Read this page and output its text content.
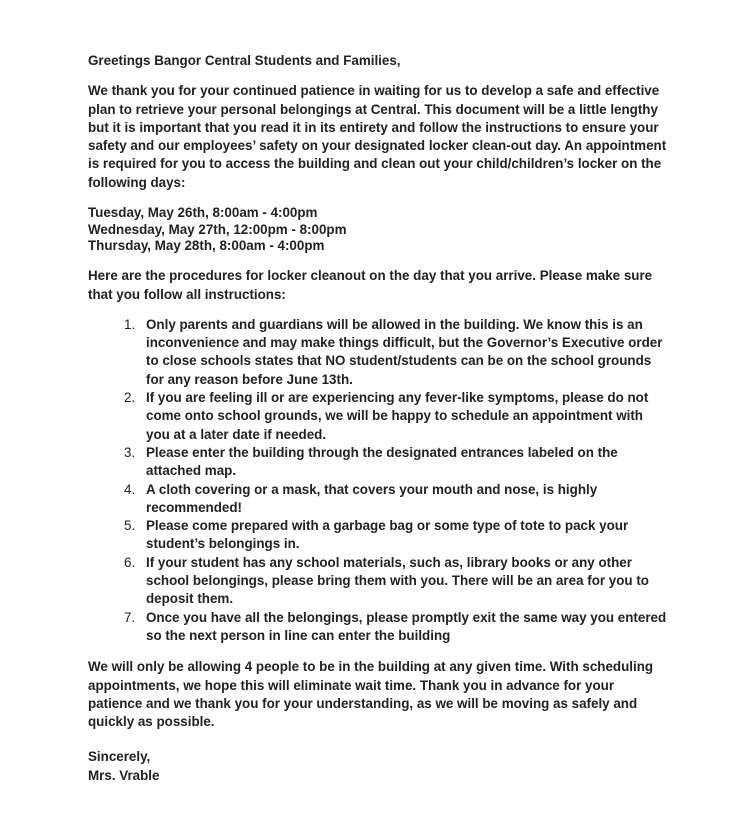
Greetings Bangor Central Students and Families,

We thank you for your continued patience in waiting for us to develop a safe and effective plan to retrieve your personal belongings at Central. This document will be a little lengthy but it is important that you read it in its entirety and follow the instructions to ensure your safety and our employees’ safety on your designated locker clean-out day. An appointment is required for you to access the building and clean out your child/children’s locker on the following days:

Tuesday, May 26th, 8:00am - 4:00pm
Wednesday, May 27th, 12:00pm - 8:00pm
Thursday, May 28th, 8:00am - 4:00pm

Here are the procedures for locker cleanout on the day that you arrive. Please make sure that you follow all instructions:

1. Only parents and guardians will be allowed in the building. We know this is an inconvenience and may make things difficult, but the Governor’s Executive order to close schools states that NO student/students can be on the school grounds for any reason before June 13th.
2. If you are feeling ill or are experiencing any fever-like symptoms, please do not come onto school grounds, we will be happy to schedule an appointment with you at a later date if needed.
3. Please enter the building through the designated entrances labeled on the attached map.
4. A cloth covering or a mask, that covers your mouth and nose, is highly recommended!
5. Please come prepared with a garbage bag or some type of tote to pack your student’s belongings in.
6. If your student has any school materials, such as, library books or any other school belongings, please bring them with you. There will be an area for you to deposit them.
7. Once you have all the belongings, please promptly exit the same way you entered so the next person in line can enter the building

We will only be allowing 4 people to be in the building at any given time. With scheduling appointments, we hope this will eliminate wait time. Thank you in advance for your patience and we thank you for your understanding, as we will be moving as safely and quickly as possible.

Sincerely,
Mrs. Vrable
